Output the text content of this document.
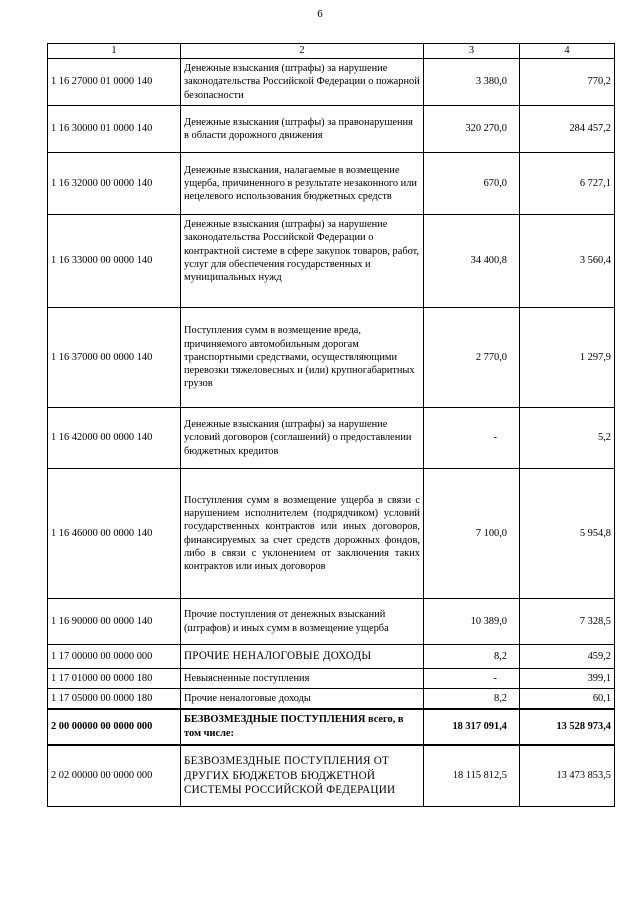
6
1	2	3	4
1 16 27000 01 0000 140	Денежные взыскания (штрафы) за нарушение законодательства Российской Федерации о пожарной безопасности	3 380,0	770,2
1 16 30000 01 0000 140	Денежные взыскания (штрафы) за правонарушения в области дорожного движения	320 270,0	284 457,2
1 16 32000 00 0000 140	Денежные взыскания, налагаемые в возмещение ущерба, причиненного в результате незаконного или нецелевого использования бюджетных средств	670,0	6 727,1
1 16 33000 00 0000 140	Денежные взыскания (штрафы) за нарушение законодательства Российской Федерации о контрактной системе в сфере закупок товаров, работ, услуг для обеспечения государственных и муниципальных нужд	34 400,8	3 560,4
1 16 37000 00 0000 140	Поступления сумм в возмещение вреда, причиняемого автомобильным дорогам транспортными средствами, осуществляющими перевозки тяжеловесных и (или) крупногабаритных грузов	2 770,0	1 297,9
1 16 42000 00 0000 140	Денежные взыскания (штрафы) за нарушение условий договоров (соглашений) о предоставлении бюджетных кредитов	-	5,2
1 16 46000 00 0000 140	Поступления сумм в возмещение ущерба в связи с нарушением исполнителем (подрядчиком) условий государственных контрактов или иных договоров, финансируемых за счет средств дорожных фондов, либо в связи с уклонением от заключения таких контрактов или иных договоров	7 100,0	5 954,8
1 16 90000 00 0000 140	Прочие поступления от денежных взысканий (штрафов) и иных сумм в возмещение ущерба	10 389,0	7 328,5
1 17 00000 00 0000 000	ПРОЧИЕ НЕНАЛОГОВЫЕ ДОХОДЫ	8,2	459,2
1 17 01000 00 0000 180	Невыясненные поступления	-	399,1
1 17 05000 00 0000 180	Прочие неналоговые доходы	8,2	60,1
2 00 00000 00 0000 000	БЕЗВОЗМЕЗДНЫЕ ПОСТУПЛЕНИЯ всего, в том числе:	18 317 091,4	13 528 973,4
2 02 00000 00 0000 000	БЕЗВОЗМЕЗДНЫЕ ПОСТУПЛЕНИЯ ОТ ДРУГИХ БЮДЖЕТОВ БЮДЖЕТНОЙ СИСТЕМЫ РОССИЙСКОЙ ФЕДЕРАЦИИ	18 115 812,5	13 473 853,5
